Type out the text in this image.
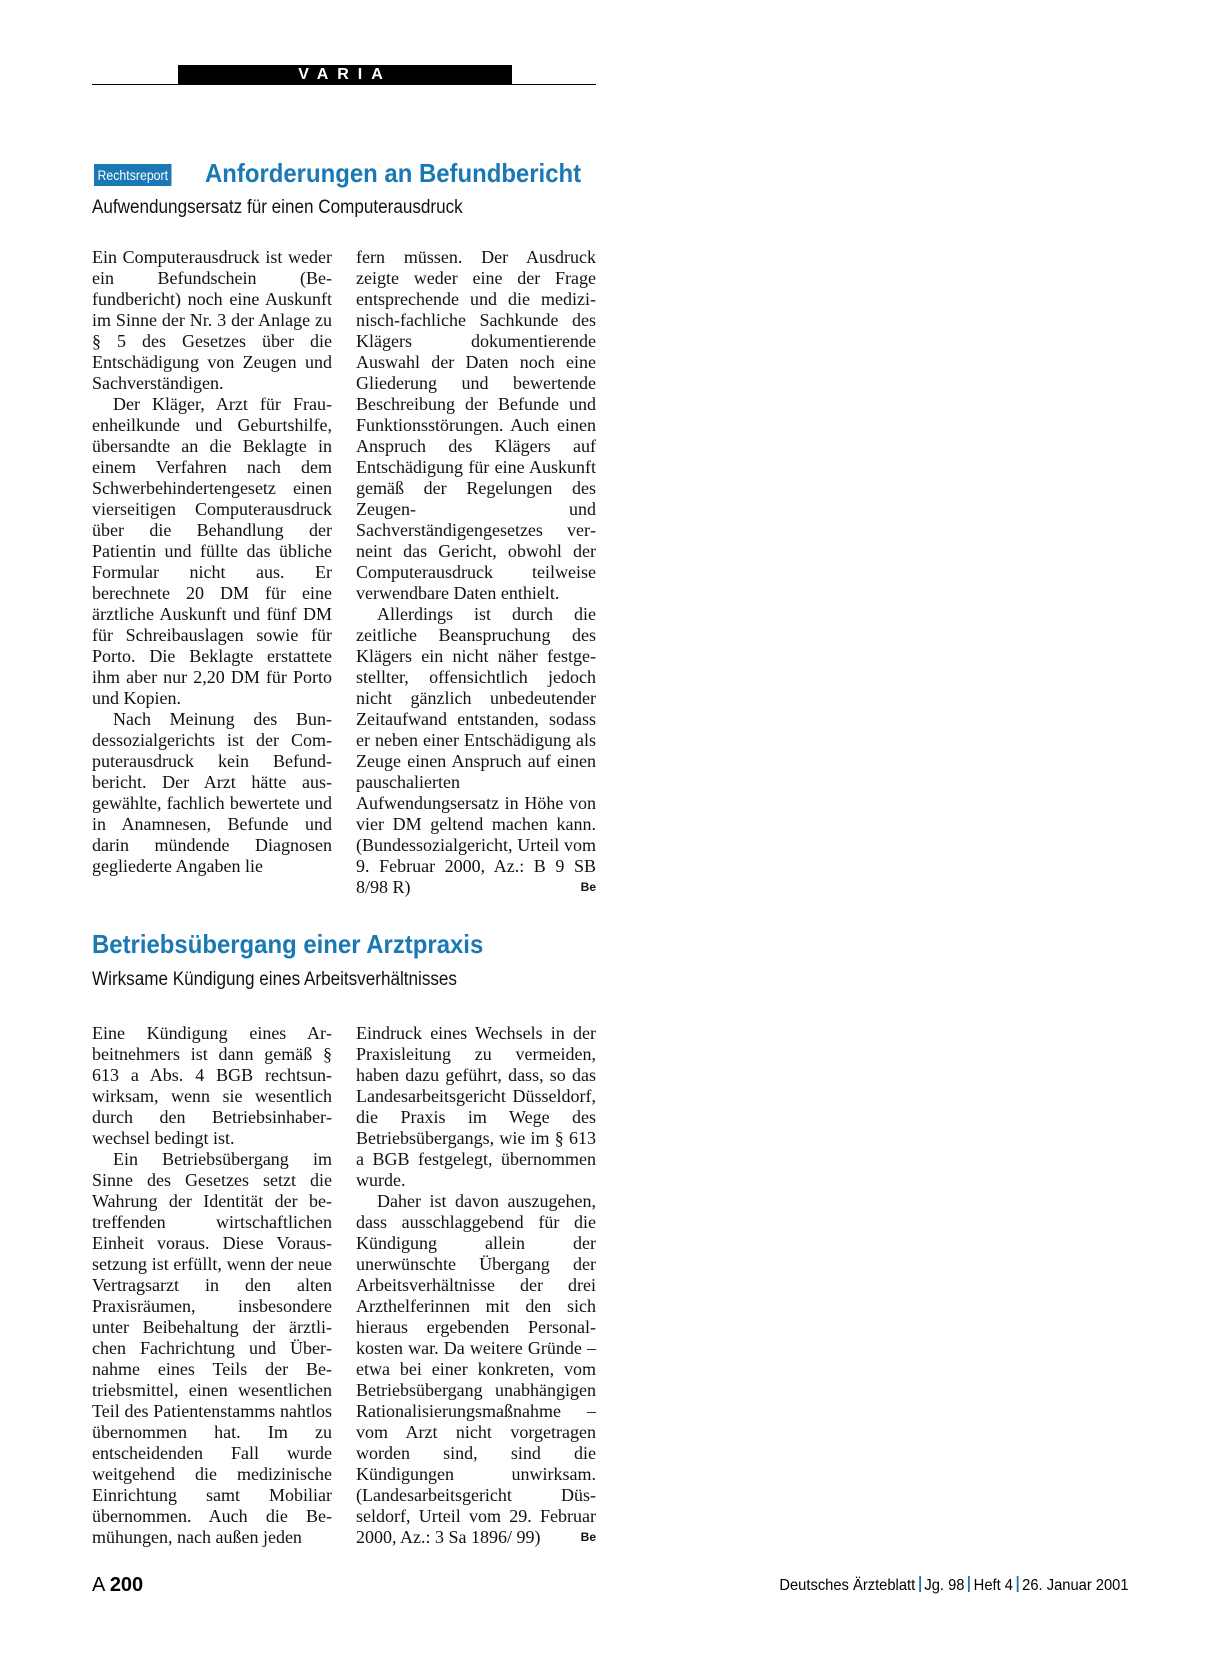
VARIA
Rechtsreport Anforderungen an Befundbericht
Aufwendungsersatz für einen Computerausdruck

Ein Computerausdruck ist weder ein Befundschein (Befundbericht) noch eine Auskunft im Sinne der Nr. 3 der Anlage zu § 5 des Gesetzes über die Entschädigung von Zeugen und Sachverständigen.

Der Kläger, Arzt für Frauenheilkunde und Geburtshilfe, übersandte an die Beklagte in einem Verfahren nach dem Schwerbehindertengesetz einen vierseitigen Computerausdruck über die Behandlung der Patientin und füllte das übliche Formular nicht aus. Er berechnete 20 DM für eine ärztliche Auskunft und fünf DM für Schreibauslagen sowie für Porto. Die Beklagte erstattete ihm aber nur 2,20 DM für Porto und Kopien.

Nach Meinung des Bundessozialgerichts ist der Computerausdruck kein Befundbericht. Der Arzt hätte ausgewählte, fachlich bewertete und in Anamnesen, Befunde und darin mündende Diagnosen gegliederte Angaben lie

fern müssen. Der Ausdruck zeigte weder eine der Frage entsprechende und die medizinisch-fachliche Sachkunde des Klägers dokumentierende Auswahl der Daten noch eine Gliederung und bewertende Beschreibung der Befunde und Funktionsstörungen. Auch einen Anspruch des Klägers auf Entschädigung für eine Auskunft gemäß der Regelungen des Zeugen- und Sachverständigengesetzes verneint das Gericht, obwohl der Computerausdruck teilweise verwendbare Daten enthielt.

Allerdings ist durch die zeitliche Beanspruchung des Klägers ein nicht näher festgestellter, offensichtlich jedoch nicht gänzlich unbedeutender Zeitaufwand entstanden, sodass er neben einer Entschädigung als Zeuge einen Anspruch auf einen pauschalierten Aufwendungsersatz in Höhe von vier DM geltend machen kann. (Bundessozialgericht, Urteil vom 9. Februar 2000, Az.: B 9 SB 8/98 R)	Be

Betriebsübergang einer Arztpraxis
Wirksame Kündigung eines Arbeitsverhältnisses

Eine Kündigung eines Arbeitnehmers ist dann gemäß § 613 a Abs. 4 BGB rechtsunwirksam, wenn sie wesentlich durch den Betriebsinhaberwechsel bedingt ist.

Ein Betriebsübergang im Sinne des Gesetzes setzt die Wahrung der Identität der betreffenden wirtschaftlichen Einheit voraus. Diese Voraussetzung ist erfüllt, wenn der neue Vertragsarzt in den alten Praxisräumen, insbesondere unter Beibehaltung der ärztlichen Fachrichtung und Übernahme eines Teils der Betriebsmittel, einen wesentlichen Teil des Patientenstamms nahtlos übernommen hat. Im zu entscheidenden Fall wurde weitgehend die medizinische Einrichtung samt Mobiliar übernommen. Auch die Bemühungen, nach außen jeden

Eindruck eines Wechsels in der Praxisleitung zu vermeiden, haben dazu geführt, dass, so das Landesarbeitsgericht Düsseldorf, die Praxis im Wege des Betriebsübergangs, wie im § 613 a BGB festgelegt, übernommen wurde.

Daher ist davon auszugehen, dass ausschlaggebend für die Kündigung allein der unerwünschte Übergang der Arbeitsverhältnisse der drei Arzthelferinnen mit den sich hieraus ergebenden Personalkosten war. Da weitere Gründe – etwa bei einer konkreten, vom Betriebsübergang unabhängigen Rationalisierungsmaßnahme – vom Arzt nicht vorgetragen worden sind, sind die Kündigungen unwirksam. (Landesarbeitsgericht Düsseldorf, Urteil vom 29. Februar 2000, Az.: 3 Sa 1896/ 99)	Be

A 200	Deutsches Ärzteblatt Jg. 98 Heft 4 26. Januar 2001
